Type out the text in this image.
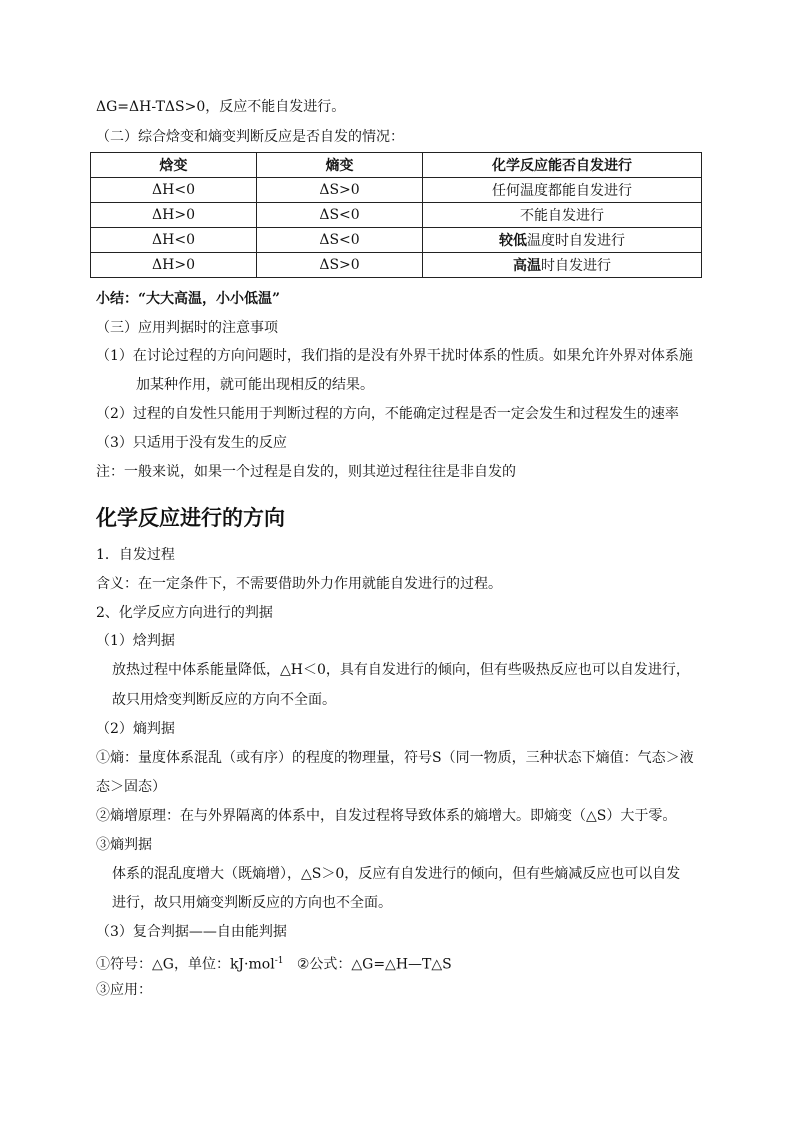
ΔG=ΔH-TΔS>0，反应不能自发进行。
（二）综合焓变和熵变判断反应是否自发的情况：
焓变	熵变	化学反应能否自发进行
ΔH<0	ΔS>0	任何温度都能自发进行
ΔH>0	ΔS<0	不能自发进行
ΔH<0	ΔS<0	较低温度时自发进行
ΔH>0	ΔS>0	高温时自发进行
小结：“大大高温，小小低温”
（三）应用判据时的注意事项
（1）在讨论过程的方向问题时，我们指的是没有外界干扰时体系的性质。如果允许外界对体系施
加某种作用，就可能出现相反的结果。
（2）过程的自发性只能用于判断过程的方向，不能确定过程是否一定会发生和过程发生的速率
（3）只适用于没有发生的反应
注：一般来说，如果一个过程是自发的，则其逆过程往往是非自发的
化学反应进行的方向
1．自发过程
含义：在一定条件下，不需要借助外力作用就能自发进行的过程。
2、化学反应方向进行的判据
（1）焓判据
放热过程中体系能量降低，△H＜0，具有自发进行的倾向，但有些吸热反应也可以自发进行，
故只用焓变判断反应的方向不全面。
（2）熵判据
①熵：量度体系混乱（或有序）的程度的物理量，符号S（同一物质，三种状态下熵值：气态＞液
态＞固态）
②熵增原理：在与外界隔离的体系中，自发过程将导致体系的熵增大。即熵变（△S）大于零。
③熵判据
体系的混乱度增大（既熵增），△S＞0，反应有自发进行的倾向，但有些熵减反应也可以自发
进行，故只用熵变判断反应的方向也不全面。
（3）复合判据——自由能判据
①符号：△G，单位：kJ·mol$^{-1}$ ②公式：△G=△H—T△S
③应用：
